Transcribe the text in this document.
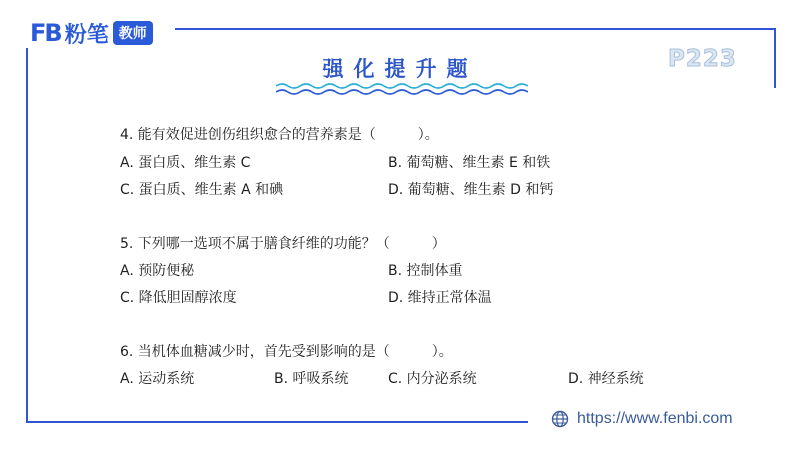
FB 粉笔 教师
强化提升题	P223
4. 能有效促进创伤组织愈合的营养素是（　　　）。
A. 蛋白质、维生素 C	B. 葡萄糖、维生素 E 和铁
C. 蛋白质、维生素 A 和碘	D. 葡萄糖、维生素 D 和钙
5. 下列哪一选项不属于膳食纤维的功能？（　　　）
A. 预防便秘	B. 控制体重
C. 降低胆固醇浓度	D. 维持正常体温
6. 当机体血糖减少时，首先受到影响的是（　　　）。
A. 运动系统	B. 呼吸系统	C. 内分泌系统	D. 神经系统
https://www.fenbi.com
